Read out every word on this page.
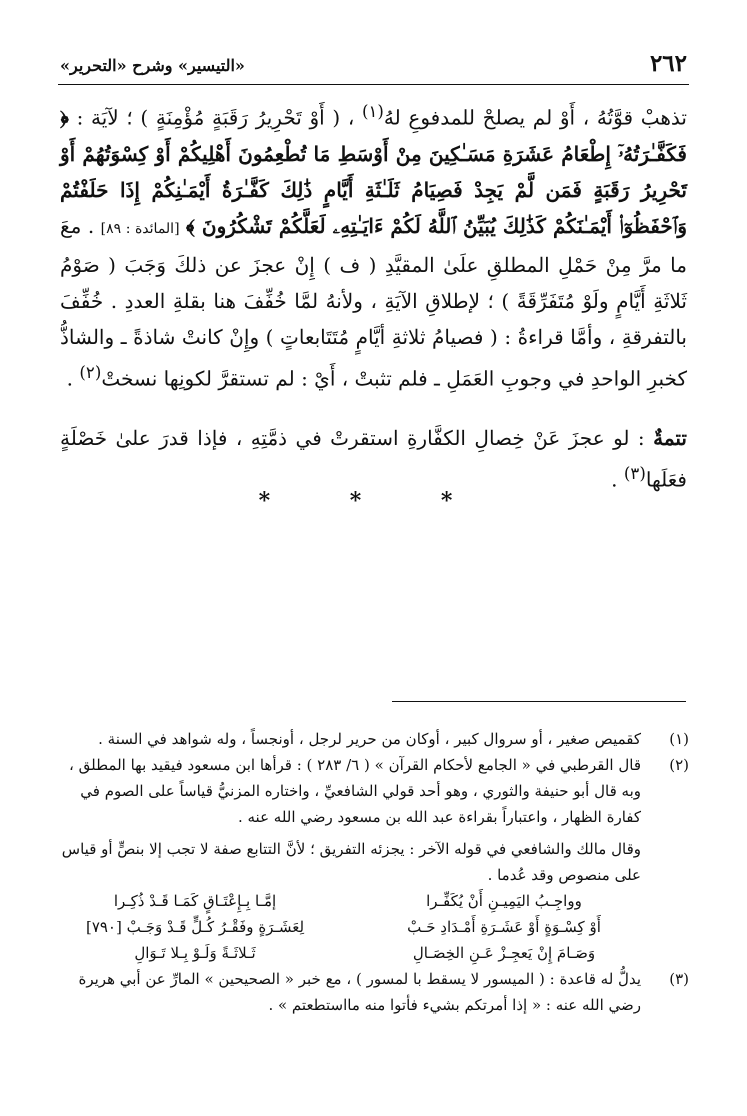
٢٦٢
«التيسير» وشرح «التحرير»

تذهبْ قوَّتُهُ ، أَوْ لم يصلحْ للمدفوعِ لهُ$^{(١)}$ ، ( أَوْ تَحْرِيرُ رَقَبَةٍ مُؤْمِنَةٍ ) ؛ لآيَة : ﴿ فَكَفَّـٰرَتُهُۥٓ إِطْعَامُ عَشَرَةِ مَسَـٰكِينَ مِنْ أَوْسَطِ مَا تُطْعِمُونَ أَهْلِيكُمْ أَوْ كِسْوَتُهُمْ أَوْ تَحْرِيرُ رَقَبَةٍ فَمَن لَّمْ يَجِدْ فَصِيَامُ ثَلَـٰثَةِ أَيَّامٍ ذَٰلِكَ كَفَّـٰرَةُ أَيْمَـٰنِكُمْ إِذَا حَلَفْتُمْ وَٱحْفَظُوٓا۟ أَيْمَـٰنَكُمْ كَذَٰلِكَ يُبَيِّنُ ٱللَّهُ لَكُمْ ءَايَـٰتِهِۦ لَعَلَّكُمْ تَشْكُرُونَ ﴾ [المائدة : ٨٩] . معَ ما مرَّ مِنْ حَمْلِ المطلقِ علَىٰ المقيَّدِ ( ف ) إِنْ عجزَ عن ذلكَ وَجَبَ ( صَوْمُ ثَلاثَةِ أَيَّامٍ ولَوْ مُتَفَرِّقَةً ) ؛ لإطلاقِ الآيَةِ ، ولأنهُ لمَّا خُفِّفَ هنا بقلةِ العددِ . خُفِّفَ بالتفرقةِ ، وأمَّا قراءةُ : ( فصيامُ ثلاثةِ أيَّامٍ مُتَتَابعاتٍ ) وإِنْ كانتْ شاذةً ـ والشاذُّ كخبرِ الواحدِ في وجوبِ العَمَلِ ـ فلم تثبتْ ، أَيْ : لم تستقرَّ لكونِها نسختْ$^{(٢)}$ .

تتمةٌ : لو عجزَ عَنْ خِصالِ الكفَّارةِ استقرتْ في ذمَّتِهِ ، فإذا قدرَ علىٰ خَصْلَةٍ فعَلَها$^{(٣)}$ .

* * *
(١)
كقميص صغير ، أو سروال كبير ، أوكان من حرير لرجل ، أونجساً ، وله شواهد في السنة .
(٢)

قال القرطبي في « الجامع لأحكام القرآن » ( ٦/ ٢٨٣ ) : قرأها ابن مسعود فيقيد بها المطلق ، وبه قال أبو حنيفة والثوري ، وهو أحد قولي الشافعيِّ ، واختاره المزنيُّ قياساً على الصوم في كفارة الظهار ، واعتباراً بقراءة عبد الله بن مسعود رضي الله عنه .

وقال مالك والشافعي في قوله الآخر : يجزئه التفريق ؛ لأنَّ التتابع صفة لا تجب إلا بنصٍّ أو قياس على منصوص وقد عُدما .

وواجِـبُ اليَمِيـنِ أَنْ يُكَفِّـرا
إمَّـا بِـإِعْتَـاقٍ كَمَـا قَـدْ ذُكِـرا
أَوْ كِسْـوَةٍ أَوْ عَشَـرَةِ أَمْـدَادِ حَـبْ
لِعَشَـرَةٍ وفَقْـرُ كُـلٍّ قَـدْ وَجَـبْ [٧٩٠]
وَصَـامَ إِنْ يَعجِـزْ عَـنِ الخِصَـالِ
ثَـلاثَـةً وَلَـوْ بِـلا تَـوَالِ
(٣)
يدلُّ له قاعدة : ( الميسور لا يسقط با لمسور ) ، مع خبر « الصحيحين » المارِّ عن أبي هريرة رضي الله عنه : « إذا أمرتكم بشيء فأتوا منه مااستطعتم » .
